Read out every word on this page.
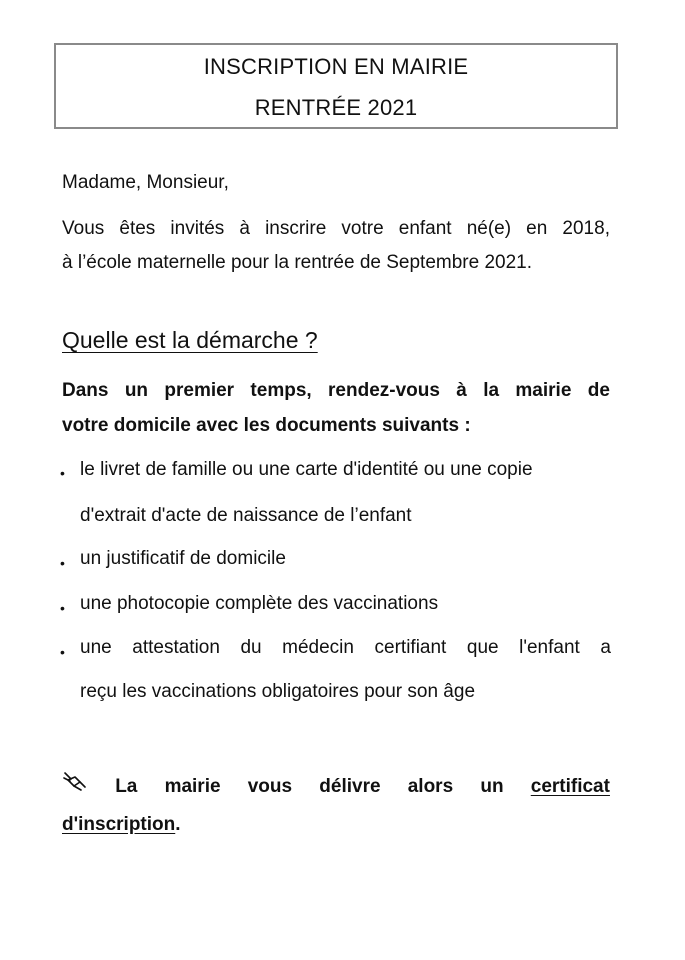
INSCRIPTION EN MAIRIE
RENTRÉE 2021
Madame, Monsieur,
Vous êtes invités à inscrire votre enfant né(e) en 2018,
à l’école maternelle pour la rentrée de Septembre 2021.
Quelle est la démarche ?
Dans un premier temps, rendez-vous à la mairie de
votre domicile avec les documents suivants :
• le livret de famille ou une carte d'identité ou une copie
d'extrait d'acte de naissance de l’enfant
• un justificatif de domicile
• une photocopie complète des vaccinations
• une attestation du médecin certifiant que l'enfant a
reçu les vaccinations obligatoires pour son âge
La mairie vous délivre alors un certificat
d'inscription.
